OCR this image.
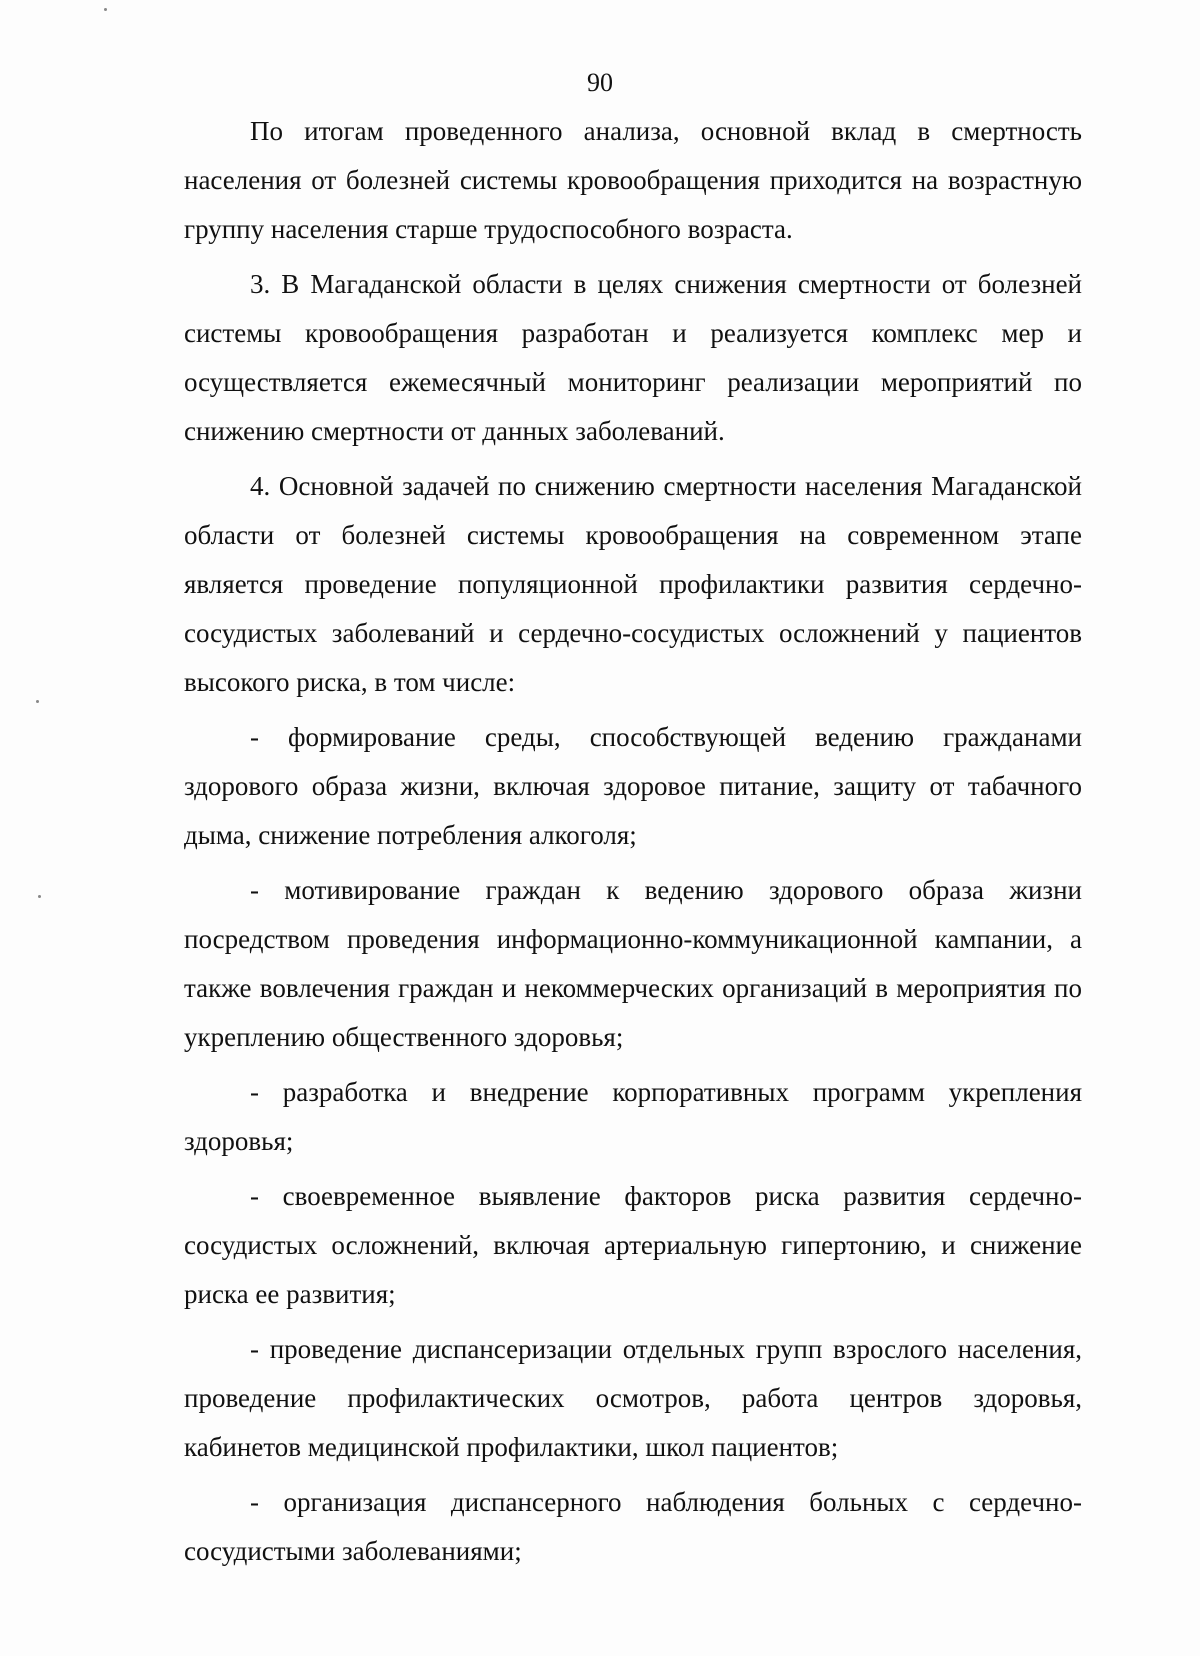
90

По итогам проведенного анализа, основной вклад в смертность населения от болезней системы кровообращения приходится на возрастную группу населения старше трудоспособного возраста.

3. В Магаданской области в целях снижения смертности от болезней системы кровообращения разработан и реализуется комплекс мер и осуществляется ежемесячный мониторинг реализации мероприятий по снижению смертности от данных заболеваний.

4. Основной задачей по снижению смертности населения Магаданской области от болезней системы кровообращения на современном этапе является проведение популяционной профилактики развития сердечно-сосудистых заболеваний и сердечно-сосудистых осложнений у пациентов высокого риска, в том числе:

- формирование среды, способствующей ведению гражданами здорового образа жизни, включая здоровое питание, защиту от табачного дыма, снижение потребления алкоголя;

- мотивирование граждан к ведению здорового образа жизни посредством проведения информационно-коммуникационной кампании, а также вовлечения граждан и некоммерческих организаций в мероприятия по укреплению общественного здоровья;

- разработка и внедрение корпоративных программ укрепления здоровья;

- своевременное выявление факторов риска развития сердечно-сосудистых осложнений, включая артериальную гипертонию, и снижение риска ее развития;

- проведение диспансеризации отдельных групп взрослого населения, проведение профилактических осмотров, работа центров здоровья, кабинетов медицинской профилактики, школ пациентов;

- организация диспансерного наблюдения больных с сердечно-сосудистыми заболеваниями;
